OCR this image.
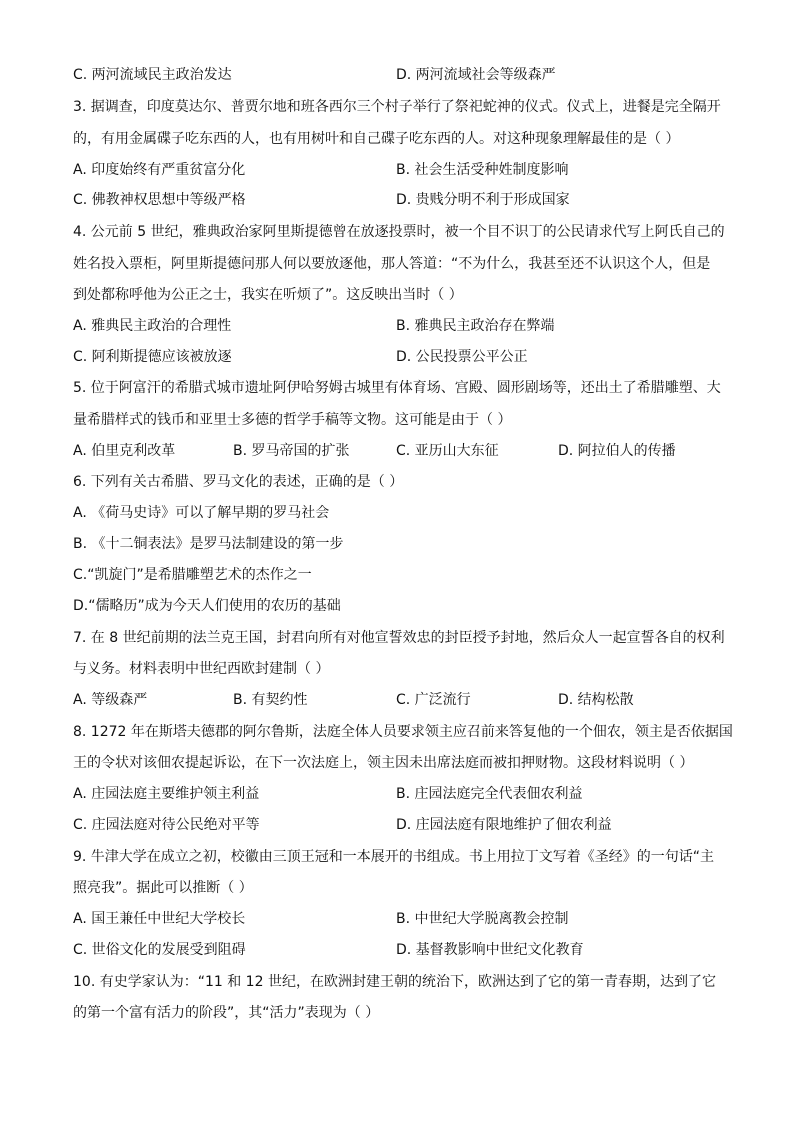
C. 两河流域民主政治发达	D. 两河流域社会等级森严
3. 据调查，印度莫达尔、普贾尔地和班各西尔三个村子举行了祭祀蛇神的仪式。仪式上，进餐是完全隔开
的，有用金属碟子吃东西的人，也有用树叶和自己碟子吃东西的人。对这种现象理解最佳的是（ ）
A. 印度始终有严重贫富分化	B. 社会生活受种姓制度影响
C. 佛教神权思想中等级严格	D. 贵贱分明不利于形成国家
4. 公元前 5 世纪，雅典政治家阿里斯提德曾在放逐投票时，被一个目不识丁的公民请求代写上阿氏自己的
姓名投入票柜，阿里斯提德问那人何以要放逐他，那人答道：“不为什么，我甚至还不认识这个人，但是
到处都称呼他为公正之士，我实在听烦了”。这反映出当时（ ）
A. 雅典民主政治的合理性	B. 雅典民主政治存在弊端
C. 阿利斯提德应该被放逐	D. 公民投票公平公正
5. 位于阿富汗的希腊式城市遗址阿伊哈努姆古城里有体育场、宫殿、圆形剧场等，还出土了希腊雕塑、大
量希腊样式的钱币和亚里士多德的哲学手稿等文物。这可能是由于（ ）
A. 伯里克利改革	B. 罗马帝国的扩张	C. 亚历山大东征	D. 阿拉伯人的传播
6. 下列有关古希腊、罗马文化的表述，正确的是（ ）
A. 《荷马史诗》可以了解早期的罗马社会
B. 《十二铜表法》是罗马法制建设的第一步
C.“凯旋门”是希腊雕塑艺术的杰作之一
D.“儒略历”成为今天人们使用的农历的基础
7. 在 8 世纪前期的法兰克王国，封君向所有对他宣誓效忠的封臣授予封地，然后众人一起宣誓各自的权利
与义务。材料表明中世纪西欧封建制（ ）
A. 等级森严	B. 有契约性	C. 广泛流行	D. 结构松散
8. 1272 年在斯塔夫德郡的阿尔鲁斯，法庭全体人员要求领主应召前来答复他的一个佃农，领主是否依据国
王的令状对该佃农提起诉讼，在下一次法庭上，领主因未出席法庭而被扣押财物。这段材料说明（ ）
A. 庄园法庭主要维护领主利益	B. 庄园法庭完全代表佃农利益
C. 庄园法庭对待公民绝对平等	D. 庄园法庭有限地维护了佃农利益
9. 牛津大学在成立之初，校徽由三顶王冠和一本展开的书组成。书上用拉丁文写着《圣经》的一句话“主
照亮我”。据此可以推断（ ）
A. 国王兼任中世纪大学校长	B. 中世纪大学脱离教会控制
C. 世俗文化的发展受到阻碍	D. 基督教影响中世纪文化教育
10. 有史学家认为：“11 和 12 世纪，在欧洲封建王朝的统治下，欧洲达到了它的第一青春期，达到了它
的第一个富有活力的阶段”，其“活力”表现为（ ）
